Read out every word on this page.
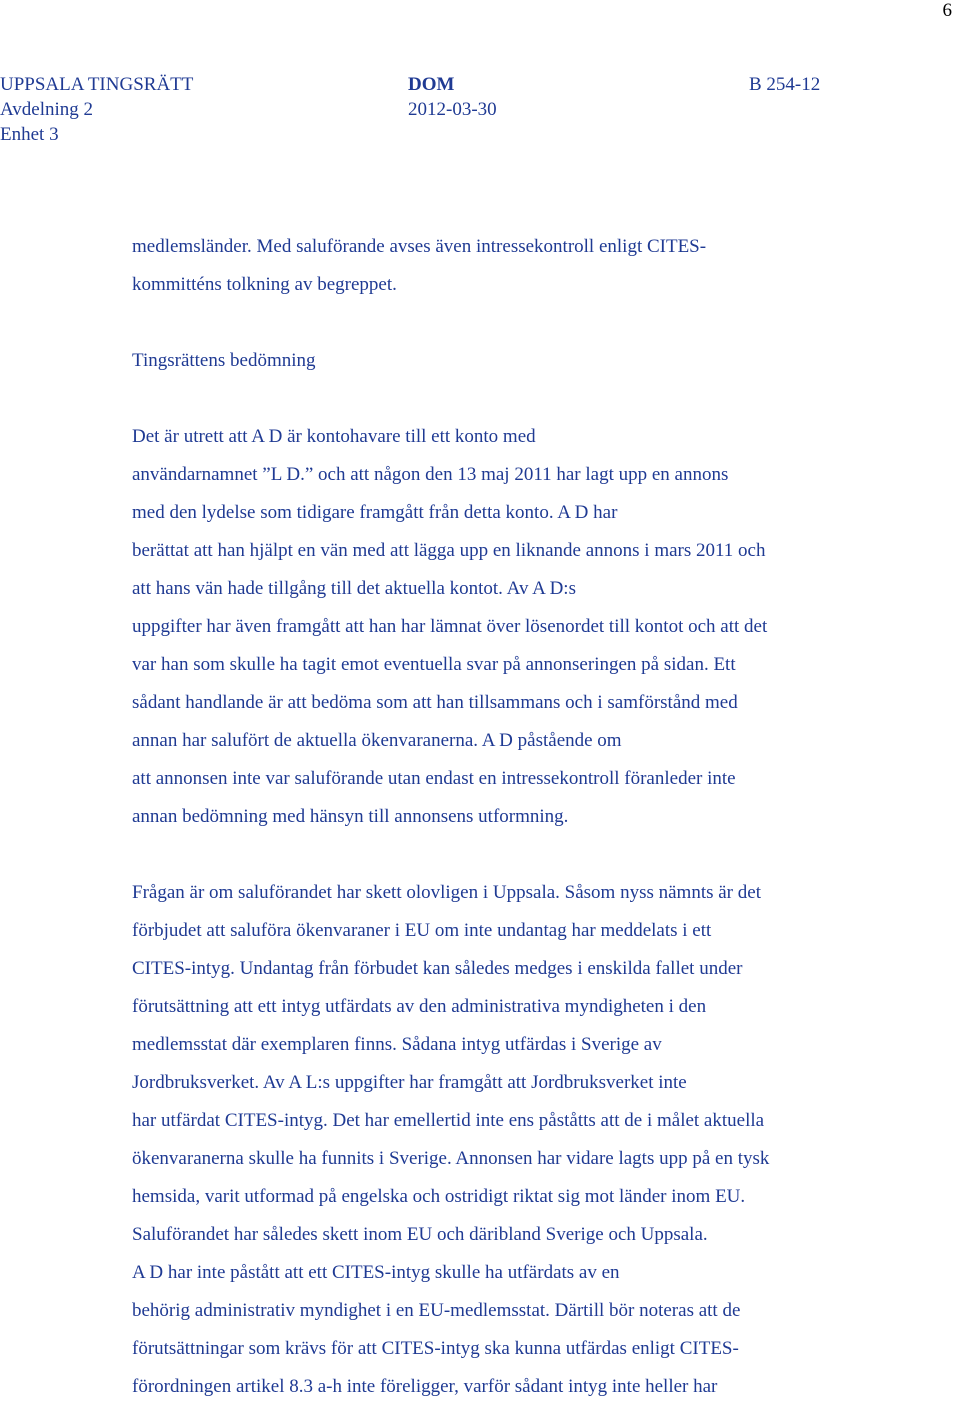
6
UPPSALA TINGSRÄTT
Avdelning 2
Enhet 3
DOM
2012-03-30
B 254-12
medlemsländer. Med saluförande avses även intressekontroll enligt CITES-
kommitténs tolkning av begreppet.
Tingsrättens bedömning
Det är utrett att A D är kontohavare till ett konto med
användarnamnet ”L D.” och att någon den 13 maj 2011 har lagt upp en annons
med den lydelse som tidigare framgått från detta konto. A D har
berättat att han hjälpt en vän med att lägga upp en liknande annons i mars 2011 och
att hans vän hade tillgång till det aktuella kontot. Av A D:s
uppgifter har även framgått att han har lämnat över lösenordet till kontot och att det
var han som skulle ha tagit emot eventuella svar på annonseringen på sidan. Ett
sådant handlande är att bedöma som att han tillsammans och i samförstånd med
annan har salufört de aktuella ökenvaranerna. A D påstående om
att annonsen inte var saluförande utan endast en intressekontroll föranleder inte
annan bedömning med hänsyn till annonsens utformning.
Frågan är om saluförandet har skett olovligen i Uppsala. Såsom nyss nämnts är det
förbjudet att saluföra ökenvaraner i EU om inte undantag har meddelats i ett
CITES-intyg. Undantag från förbudet kan således medges i enskilda fallet under
förutsättning att ett intyg utfärdats av den administrativa myndigheten i den
medlemsstat där exemplaren finns. Sådana intyg utfärdas i Sverige av
Jordbruksverket. Av A L:s uppgifter har framgått att Jordbruksverket inte
har utfärdat CITES-intyg. Det har emellertid inte ens påståtts att de i målet aktuella
ökenvaranerna skulle ha funnits i Sverige. Annonsen har vidare lagts upp på en tysk
hemsida, varit utformad på engelska och ostridigt riktat sig mot länder inom EU.
Saluförandet har således skett inom EU och däribland Sverige och Uppsala.
A D har inte påstått att ett CITES-intyg skulle ha utfärdats av en
behörig administrativ myndighet i en EU-medlemsstat. Därtill bör noteras att de
förutsättningar som krävs för att CITES-intyg ska kunna utfärdas enligt CITES-
förordningen artikel 8.3 a-h inte föreligger, varför sådant intyg inte heller har
